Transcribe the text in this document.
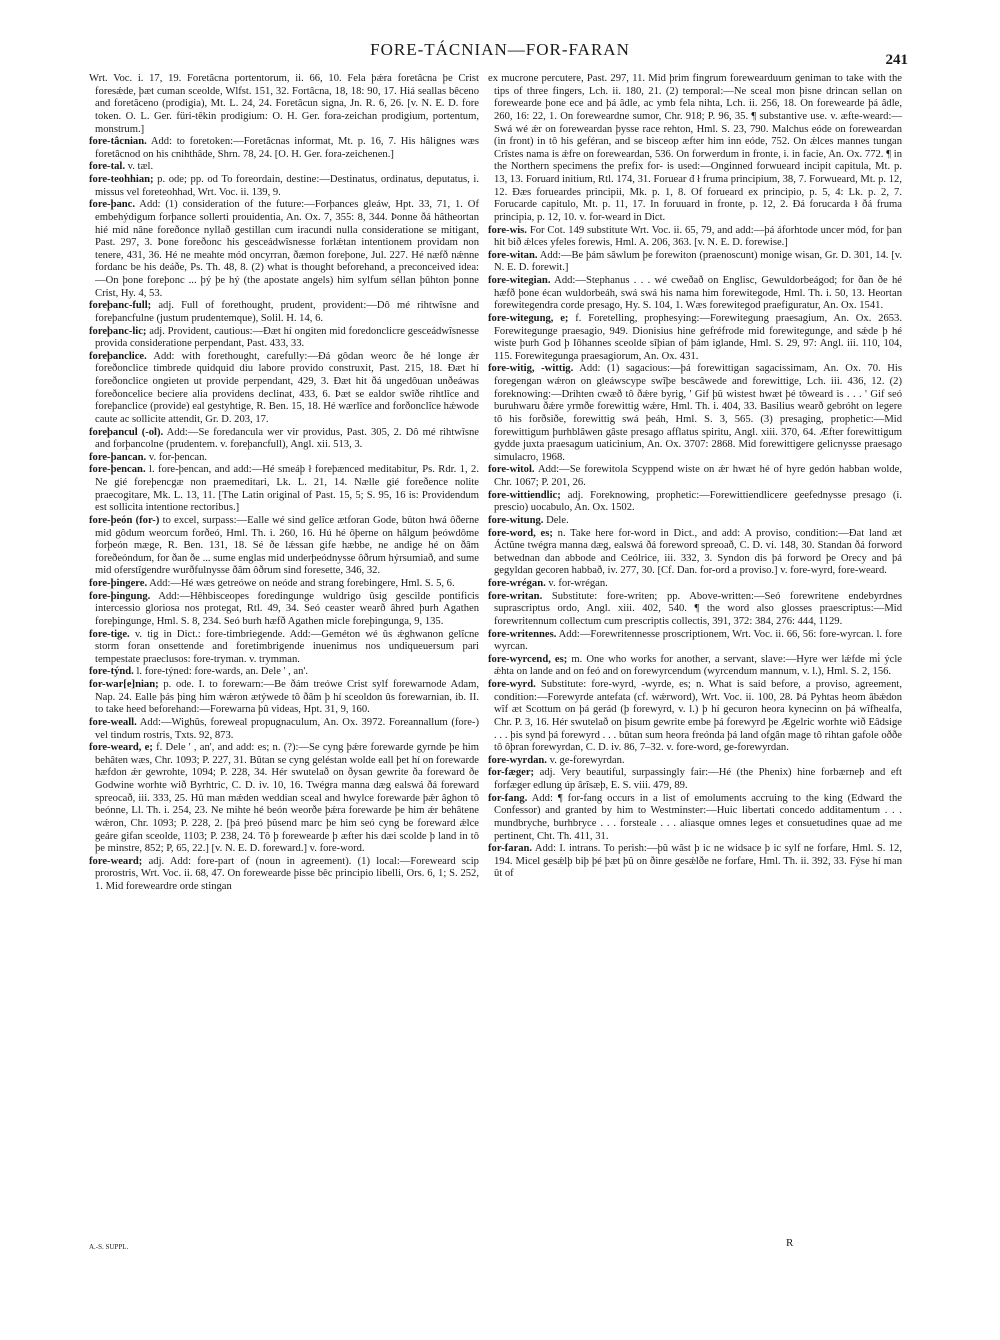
FORE-TÁCNIAN—FOR-FARAN
241

Wrt. Voc. i. 17, 19. Foretâcna portentorum, ii. 66, 10. Fela þǽra foretâcna þe Crist foresǽde, þæt cuman sceolde, Wlfst. 151, 32. Fortâcna, 18, 18: 90, 17. Hiá seallas bêceno and foretâceno (prodigia), Mt. L. 24, 24. Foretâcun signa, Jn. R. 6, 26. [v. N. E. D. fore token. O. L. Ger. füri-têkin prodigium: O. H. Ger. fora-zeichan prodigium, portentum, monstrum.]

fore-tâcnian. Add: to foretoken:—Foretâcnas informat, Mt. p. 16, 7. His hâlignes wæs foretâcnod on his cnihthâde, Shrn. 78, 24. [O. H. Ger. fora-zeichenen.]

fore-tal. v. tæl.

fore-teohhian; p. ode; pp. od To foreordain, destine:—Destinatus, ordinatus, deputatus, i. missus vel foreteohhad, Wrt. Voc. ii. 139, 9.

fore-þanc. Add: (1) consideration of the future:—Forþances gleáw, Hpt. 33, 71, 1. Of embehýdigum forþance sollerti prouidentia, An. Ox. 7, 355: 8, 344. Þonne ðá hâtheortan hié mid nâne foreðonce nyllað gestillan cum iracundi nulla consideratione se mitigant, Past. 297, 3. Þone foreðonc his gesceádwîsnesse forlǽtan intentionem providam non tenere, 431, 36. Hé ne meahte mód oncyrran, ðæmon foreþone, Jul. 227. Hé næfð nǽnne fordanc be his deáðe, Ps. Th. 48, 8. (2) what is thought beforehand, a preconceived idea:—On þone foreþonc ... þý þe hý (the apostate angels) him sylfum séllan þûhton þonne Crist, Hy. 4, 53.

foreþanc-full; adj. Full of forethought, prudent, provident:—Dô mé rihtwîsne and foreþancfulne (justum prudentemque), Solil. H. 14, 6.

foreþanc-lic; adj. Provident, cautious:—Ðæt hí ongiten mid foredonclicre gesceádwîsnesse provida consideratione perpendant, Past. 433, 33.

foreþanclice. Add: with forethought, carefully:—Ðá gôdan weorc ðe hé longe ǽr foreðonclice timbrede quidquid diu labore provido construxit, Past. 215, 18. Ðæt hí foreðonclice ongieten ut provide perpendant, 429, 3. Ðæt hit ðá ungedôuan unðeáwas foreðoncelice beciere alia providens declinat, 433, 6. Þæt se ealdor swîðe rihtlîce and foreþanclice (provide) eal gestyhtige, R. Ben. 15, 18. Hé wærlîce and forðonclîce hǽwode caute ac sollicite attendit, Gr. D. 203, 17.

foreþancul (-ol). Add:—Se foredancula wer vir providus, Past. 305, 2. Dô mé rihtwîsne and forþancolne (prudentem. v. foreþancfull), Angl. xii. 513, 3.

fore-þancan. v. for-þencan.

fore-þencan. l. fore-þencan, and add:—Hé smeáþ ł foreþænced meditabitur, Ps. Rdr. 1, 2. Ne gié foreþencgæ non praemeditari, Lk. L. 21, 14. Nælle gié foreðence nolite praecogitare, Mk. L. 13, 11. [The Latin original of Past. 15, 5; S. 95, 16 is: Providendum est sollicita intentione rectoribus.]

fore-þeón (for-) to excel, surpass:—Ealle wé sind gelîce ætforan Gode, bûton hwá ôðerne mid gôdum weorcum forðeó, Hml. Th. i. 260, 16. Hú hé ôþerne on hâlgum þeówdôme forþeón mæge, R. Ben. 131, 18. Sé ðe lǽssan gife hæbbe, ne andige hé on ðâm foreðeóndum, for ðan ðe ... sume englas mid underþeódnysse ôðrum hýrsumiað, and sume mid oferstîgendre wurðfulnysse ðâm ôðrum sind foresette, 346, 32.

fore-þingere. Add:—Hé wæs getreówe on neóde and strang forebingere, Hml. S. 5, 6.

fore-þingung. Add:—Hêhbisceopes foredingunge wuldrigo ûsig gescilde pontificis intercessio gloriosa nos protegat, Rtl. 49, 34. Seó ceaster wearð âhred þurh Agathen foreþingunge, Hml. S. 8, 234. Seó burh hæfð Agathen micle foreþingunga, 9, 135.

fore-tige. v. tig in Dict.: fore-timbriegende. Add:—Geméton wé ûs ǽghwanon gelîcne storm foran onsettende and foretimbrigende inuenimus nos undiqueuersum pari tempestate praeclusos: fore-tryman. v. trymman.

fore-týnd. l. fore-týned: fore-wards, an. Dele ' , an'.

for-war[e]nian; p. ode. I. to forewarn:—Be ðám treówe Crist sylf forewarnode Adam, Nap. 24. Ealle þás þing him wǽron ætýwede tô ðâm þ hí sceoldon ûs forewarnian, ib. II. to take heed beforehand:—Forewarna þû videas, Hpt. 31, 9, 160.

fore-weall. Add:—Wighûs, foreweal propugnaculum, An. Ox. 3972. Foreannallum (fore-) vel tindum rostris, Txts. 92, 873.

fore-weard, e; f. Dele ' , an', and add: es; n. (?):—Se cyng þǽre forewarde gyrnde þe him behâten wæs, Chr. 1093; P. 227, 31. Bûtan se cyng geléstan wolde eall þet hí on forewarde hæfdon ǽr gewrohte, 1094; P. 228, 34. Hér swutelað on ðysan gewrite ða foreward ðe Godwine worhte wið Byrhtric, C. D. iv. 10, 16. Twégra manna dæg ealswá ðá foreward spreocað, iii. 333, 25. Hû man mǽden weddian sceal and hwylce forewarde þǽr âghon tô beónne, Ll. Th. i. 254, 23. Ne mihte hé beón weorðe þǽra forewarde þe him ǽr behâtene wǽron, Chr. 1093; P. 228, 2. [þá þreó þûsend marc þe him seó cyng be foreward ǽlce geáre gifan sceolde, 1103; P. 238, 24. Tô þ forewearde þ æfter his dæi scolde þ land in tô þe minstre, 852; P, 65, 22.] [v. N. E. D. foreward.] v. fore-word.

fore-weard; adj. Add: fore-part of (noun in agreement). (1) local:—Foreweard scip prorostris, Wrt. Voc. ii. 68, 47. On forewearde þisse bêc principio libelli, Ors. 6, 1; S. 252, 1. Mid foreweardre orde stingan

ex mucrone percutere, Past. 297, 11. Mid þrim fingrum forewearduum geniman to take with the tips of three fingers, Lch. ii. 180, 21. (2) temporal:—Ne sceal mon þisne drincan sellan on forewearde þone ece and þá âdle, ac ymb fela nihta, Lch. ii. 256, 18. On forewearde þá âdle, 260, 16: 22, 1. On foreweardne sumor, Chr. 918; P. 96, 35. ¶ substantive use. v. æfte-weard:—Swá wé ǽr on foreweardan þysse race rehton, Hml. S. 23, 790. Malchus eóde on foreweardan (in front) in tô his geféran, and se bisceop æfter him inn eóde, 752. On ǽlces mannes tungan Crîstes nama is ǽfre on foreweardan, 536. On forwerdum in fronte, i. in facie, An. Ox. 772. ¶ in the Northern specimens the prefix for- is used:—Onginned forwueard incipit capitula, Mt. p. 13, 13. Foruard initium, Rtl. 174, 31. Foruear đ ł fruma principium, 38, 7. Forwueard, Mt. p. 12, 12. Ðæs forueardes principii, Mk. p. 1, 8. Of forueard ex principio, p. 5, 4: Lk. p. 2, 7. Forucarde capitulo, Mt. p. 11, 17. In foruuard in fronte, p. 12, 2. Ðá forucarda ł ðá fruma principia, p. 12, 10. v. for-weard in Dict.

fore-wis. For Cot. 149 substitute Wrt. Voc. ii. 65, 79, and add:—þá áforhtode uncer mód, for þan hit bið ǽlces yfeles forewis, Hml. A. 206, 363. [v. N. E. D. forewise.]

fore-witan. Add:—Be þám sâwlum þe forewiton (praenoscunt) monige wisan, Gr. D. 301, 14. [v. N. E. D. forewit.]

fore-witegian. Add:—Stephanus . . . wé cweðað on Englisc, Gewuldorbeágod; for ðan ðe hé hæfð þone écan wuldorbeáh, swá swá his nama him forewitegode, Hml. Th. i. 50, 13. Heortan forewitegendra corde presago, Hy. S. 104, 1. Wæs forewitegod praefiguratur, An. Ox. 1541.

fore-witegung, e; f. Foretelling, prophesying:—Forewitegung praesagium, An. Ox. 2653. Forewitegunge praesagio, 949. Dionisius hine gefréfrode mid forewitegunge, and sǽde þ hé wiste þurh God þ Iôhannes sceolde sîþian of þám iglande, Hml. S. 29, 97: Angl. iii. 110, 104, 115. Forewitegunga praesagiorum, An. Ox. 431.

fore-witig, -wittig. Add: (1) sagacious:—þá forewittigan sagacissimam, An. Ox. 70. His foregengan wǽron on gleáwscype swîþe bescâwede and forewittige, Lch. iii. 436, 12. (2) foreknowing:—Drihten cwæð tô ðǽre byrig, ' Gif þû wistest hwæt þé tôweard is . . . ' Gif seó buruhwaru ðǽre yrmðe forewittig wǽre, Hml. Th. i. 404, 33. Basilius wearð gebróht on legere tô his forðsiðe, forewittig swá þeáh, Hml. S. 3, 565. (3) presaging, prophetic:—Mid forewittigum þurhblâwen gâste presago afflatus spiritu, Angl. xiii. 370, 64. Æfter forewittigum gydde juxta praesagum uaticinium, An. Ox. 3707: 2868. Mid forewittigere gelicnysse praesago simulacro, 1968.

fore-witol. Add:—Se forewitola Scyppend wiste on ǽr hwæt hé of hyre gedón habban wolde, Chr. 1067; P. 201, 26.

fore-wittiendlic; adj. Foreknowing, prophetic:—Forewittiendlicere geefednysse presago (i. prescio) uocabulo, An. Ox. 1502.

fore-witung. Dele.

fore-word, es; n. Take here for-word in Dict., and add: A proviso, condition:—Ðat land æt Áctûne twégra manna dæg, ealswá ðá foreword spreoað, C. D. vi. 148, 30. Standan ðá forword betwednan dan abbode and Ceólrice, iii. 332, 3. Syndon dis þá forword þe Orecy and þá gegyldan gecoren habbað, iv. 277, 30. [Cf. Dan. for-ord a proviso.] v. fore-wyrd, fore-weard.

fore-wrégan. v. for-wrégan.

fore-writan. Substitute: fore-writen; pp. Above-written:—Seó forewritene endebyrdnes suprascriptus ordo, Angl. xiii. 402, 540. ¶ the word also glosses praescriptus:—Mid forewritennum collectum cum prescriptis collectis, 391, 372: 384, 276: 444, 1129.

fore-writennes. Add:—Forewritennesse proscriptionem, Wrt. Voc. ii. 66, 56: fore-wyrcan. l. fore wyrcan.

fore-wyrcend, es; m. One who works for another, a servant, slave:—Hyre wer lǽfde mi̇ ýcle ǽhta on lande and on feó and on forewyrcendum (wyrcendum mannum, v. l.), Hml. S. 2, 156.

fore-wyrd. Substitute: fore-wyrd, -wyrde, es; n. What is said before, a proviso, agreement, condition:—Forewyrde antefata (cf. wǽrword), Wrt. Voc. ii. 100, 28. Þá Pyhtas heom âbǽdon wîf æt Scottum on þá gerád (þ forewyrd, v. l.) þ hí gecuron heora kynecinn on þá wîfhealfa, Chr. P. 3, 16. Hér swutelað on þisum gewrite embe þá forewyrd þe Ægelric worhte wið Eâdsige . . . þis synd þá forewyrd . . . bûtan sum heora freónda þá land ofgân mage tô rihtan gafole oððe tô ôþran forewyrdan, C. D. iv. 86, 7–32. v. fore-word, ge-forewyrdan.

fore-wyrdan. v. ge-forewyrdan.

for-fæger; adj. Very beautiful, surpassingly fair:—Hé (the Phenix) hine forbærneþ and eft forfæger edlung úp ârîsæþ, E. S. viii. 479, 89.

for-fang. Add: ¶ for-fang occurs in a list of emoluments accruing to the king (Edward the Confessor) and granted by him to Westminster:—Huic libertati concedo additamentum . . . mundbryche, burhbryce . . . forsteale . . . aliasque omnes leges et consuetudines quae ad me pertinent, Cht. Th. 411, 31.

for-faran. Add: I. intrans. To perish:—þû wâst þ ic ne widsace þ ic sylf ne forfare, Hml. S. 12, 194. Micel gesǽlþ biþ þé þæt þû on ðinre gesǽlðe ne forfare, Hml. Th. ii. 392, 33. Fýse hí man ût of

A.-S. SUPPL.	R
